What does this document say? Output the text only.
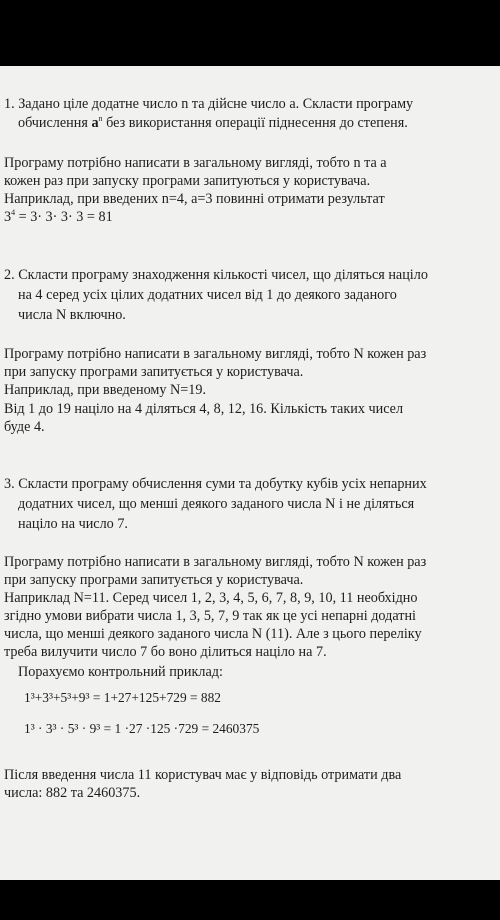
1. Задано ціле додатне число n та дійсне число a. Скласти програму
обчислення $a^n$ без використання операції піднесення до степеня.
Програму потрібно написати в загальному вигляді, тобто n та a
кожен раз при запуску програми запитуються у користувача.
Наприклад, при введених n=4, a=3 повинні отримати результат
$3^4 = 3\cdot 3\cdot 3\cdot 3 = 81$
2. Скласти програму знаходження кількості чисел, що діляться націло
на 4 серед усіх цілих додатних чисел від 1 до деякого заданого
числа N включно.
Програму потрібно написати в загальному вигляді, тобто N кожен раз
при запуску програми запитується у користувача.
Наприклад, при введеному N=19.
Від 1 до 19 націло на 4 діляться 4, 8, 12, 16. Кількість таких чисел
буде 4.
3. Скласти програму обчислення суми та добутку кубів усіх непарних
додатних чисел, що менші деякого заданого числа N і не діляться
націло на число 7.
Програму потрібно написати в загальному вигляді, тобто N кожен раз
при запуску програми запитується у користувача.
Наприклад N=11. Серед чисел 1, 2, 3, 4, 5, 6, 7, 8, 9, 10, 11 необхідно
згідно умови вибрати числа 1, 3, 5, 7, 9 так як це усі непарні додатні
числа, що менші деякого заданого числа N (11). Але з цього переліку
треба вилучити число 7 бо воно ділиться націло на 7.
Порахуємо контрольний приклад:
1³+3³+5³+9³ = 1+27+125+729 = 882
1³ · 3³ · 5³ · 9³ = 1 ·27 ·125 ·729 = 2460375
Після введення числа 11 користувач має у відповідь отримати два
числа: 882 та 2460375.
